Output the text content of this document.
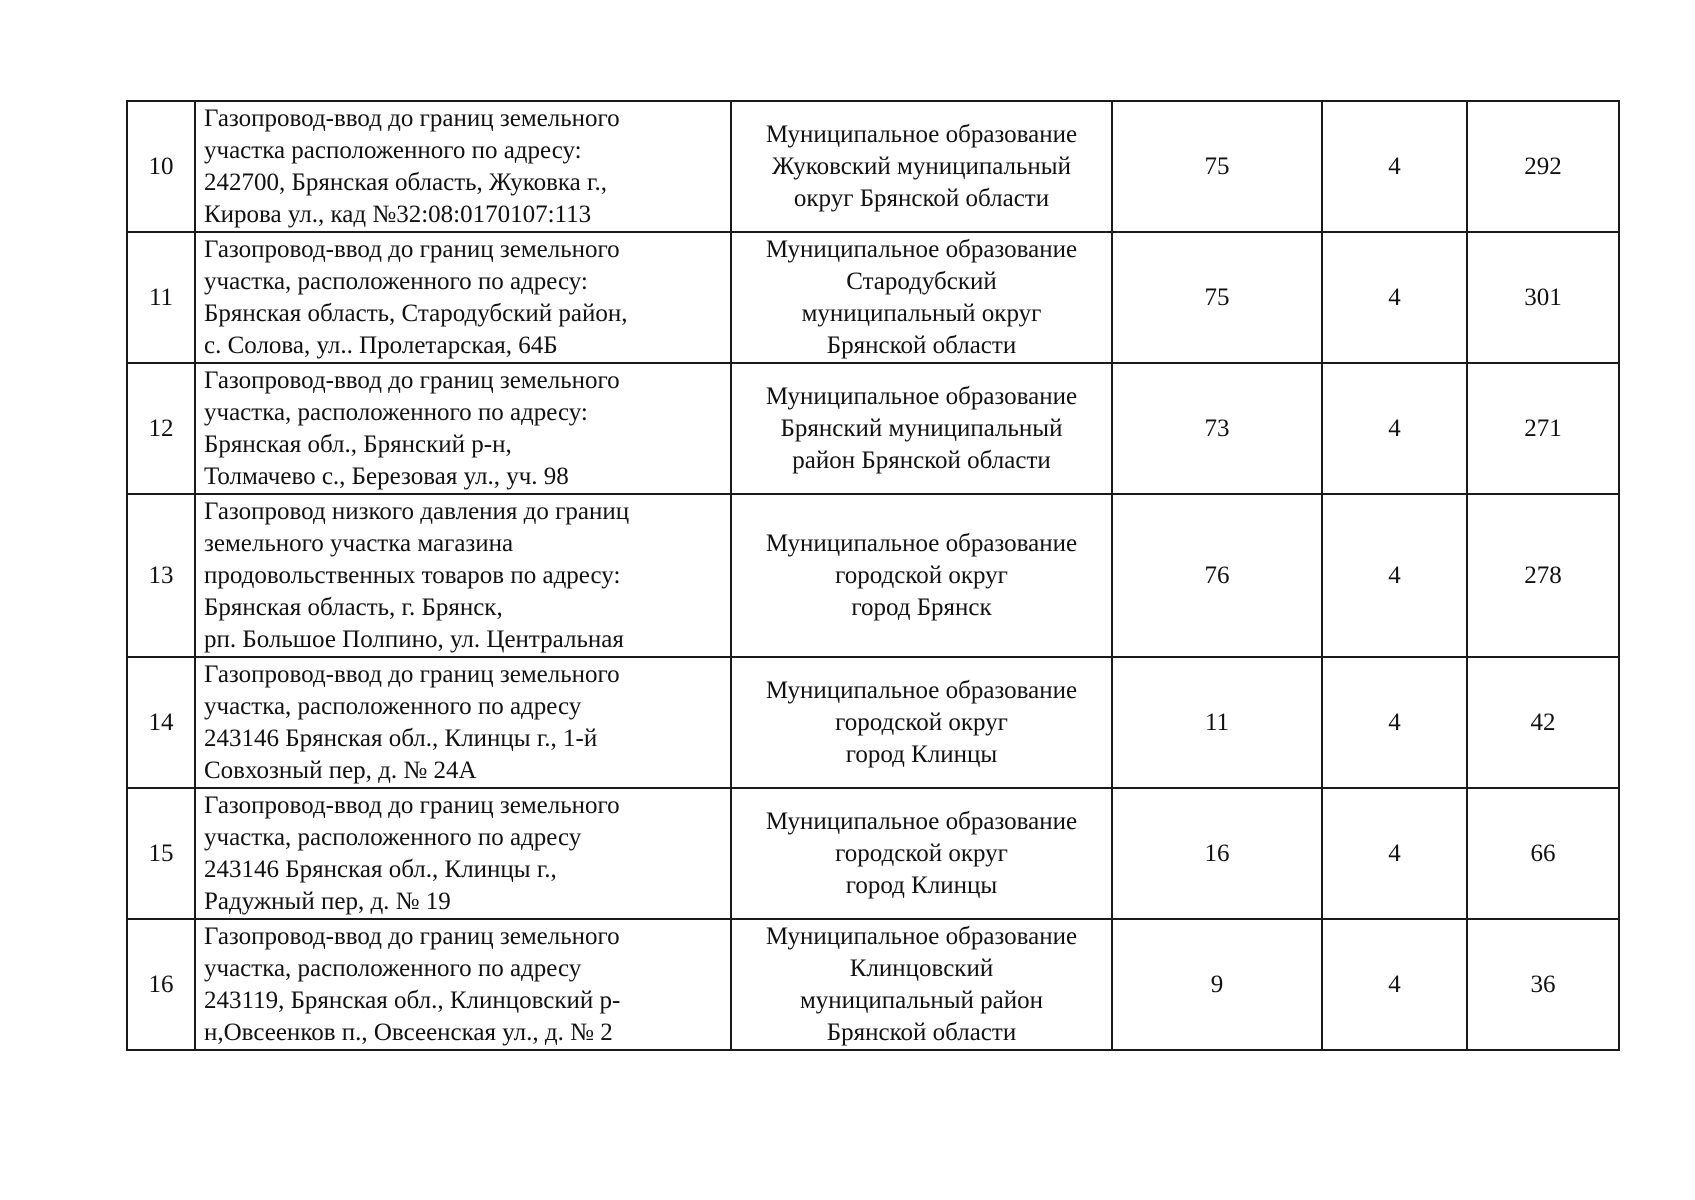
10	Газопровод-ввод до границ земельного
участка расположенного по адресу:
242700, Брянская область, Жуковка г.,
Кирова ул., кад №32:08:0170107:113	Муниципальное образование
Жуковский муниципальный
округ Брянской области	75	4	292
11	Газопровод-ввод до границ земельного
участка, расположенного по адресу:
Брянская область, Стародубский район,
с. Солова, ул.. Пролетарская, 64Б	Муниципальное образование
Стародубский
муниципальный округ
Брянской области	75	4	301
12	Газопровод-ввод до границ земельного
участка, расположенного по адресу:
Брянская обл., Брянский р-н,
Толмачево с., Березовая ул., уч. 98	Муниципальное образование
Брянский муниципальный
район Брянской области	73	4	271
13	Газопровод низкого давления до границ
земельного участка магазина
продовольственных товаров по адресу:
Брянская область, г. Брянск,
рп. Большое Полпино, ул. Центральная	Муниципальное образование
городской округ
город Брянск	76	4	278
14	Газопровод-ввод до границ земельного
участка, расположенного по адресу
243146 Брянская обл., Клинцы г., 1-й
Совхозный пер, д. № 24А	Муниципальное образование
городской округ
город Клинцы	11	4	42
15	Газопровод-ввод до границ земельного
участка, расположенного по адресу
243146 Брянская обл., Клинцы г.,
Радужный пер, д. № 19	Муниципальное образование
городской округ
город Клинцы	16	4	66
16	Газопровод-ввод до границ земельного
участка, расположенного по адресу
243119, Брянская обл., Клинцовский р-
н,Овсеенков п., Овсеенская ул., д. № 2	Муниципальное образование
Клинцовский
муниципальный район
Брянской области	9	4	36
